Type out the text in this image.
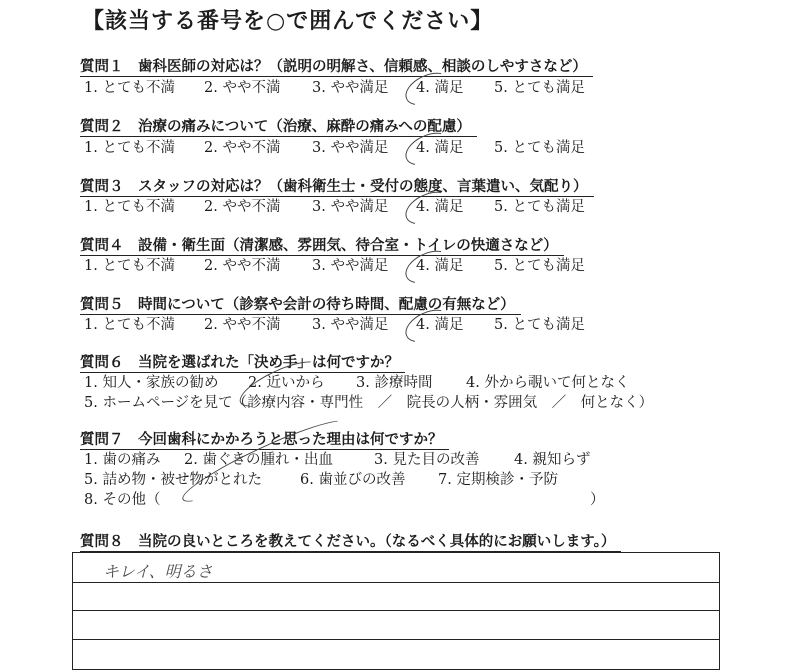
【該当する番号を○で囲んでください】
質問１　歯科医師の対応は？（説明の明解さ、信頼感、相談のしやすさなど）
1. とても不満 2. やや不満 3. やや満足 4. 満足 5. とても満足
質問２　治療の痛みについて（治療、麻酔の痛みへの配慮）
1. とても不満 2. やや不満 3. やや満足 4. 満足 5. とても満足
質問３　スタッフの対応は？（歯科衛生士・受付の態度、言葉遣い、気配り）
1. とても不満 2. やや不満 3. やや満足 4. 満足 5. とても満足
質問４　設備・衛生面（清潔感、雰囲気、待合室・トイレの快適さなど）
1. とても不満 2. やや不満 3. やや満足 4. 満足 5. とても満足
質問５　時間について（診察や会計の待ち時間、配慮の有無など）
1. とても不満 2. やや不満 3. やや満足 4. 満足 5. とても満足
質問６　当院を選ばれた「決め手」は何ですか？
1. 知人・家族の勧め 2. 近いから 3. 診療時間 4. 外から覗いて何となく
5. ホームページを見て（診療内容・専門性　／　院長の人柄・雰囲気　／　何となく）
質問７　今回歯科にかかろうと思った理由は何ですか？
1. 歯の痛み 2. 歯ぐきの腫れ・出血	3. 見た目の改善 4. 親知らず
5. 詰め物・被せ物がとれた	6. 歯並びの改善 7. 定期検診・予防
8. その他（	）
質問８　当院の良いところを教えてください。（なるべく具体的にお願いします。）
キレイ、明るさ
